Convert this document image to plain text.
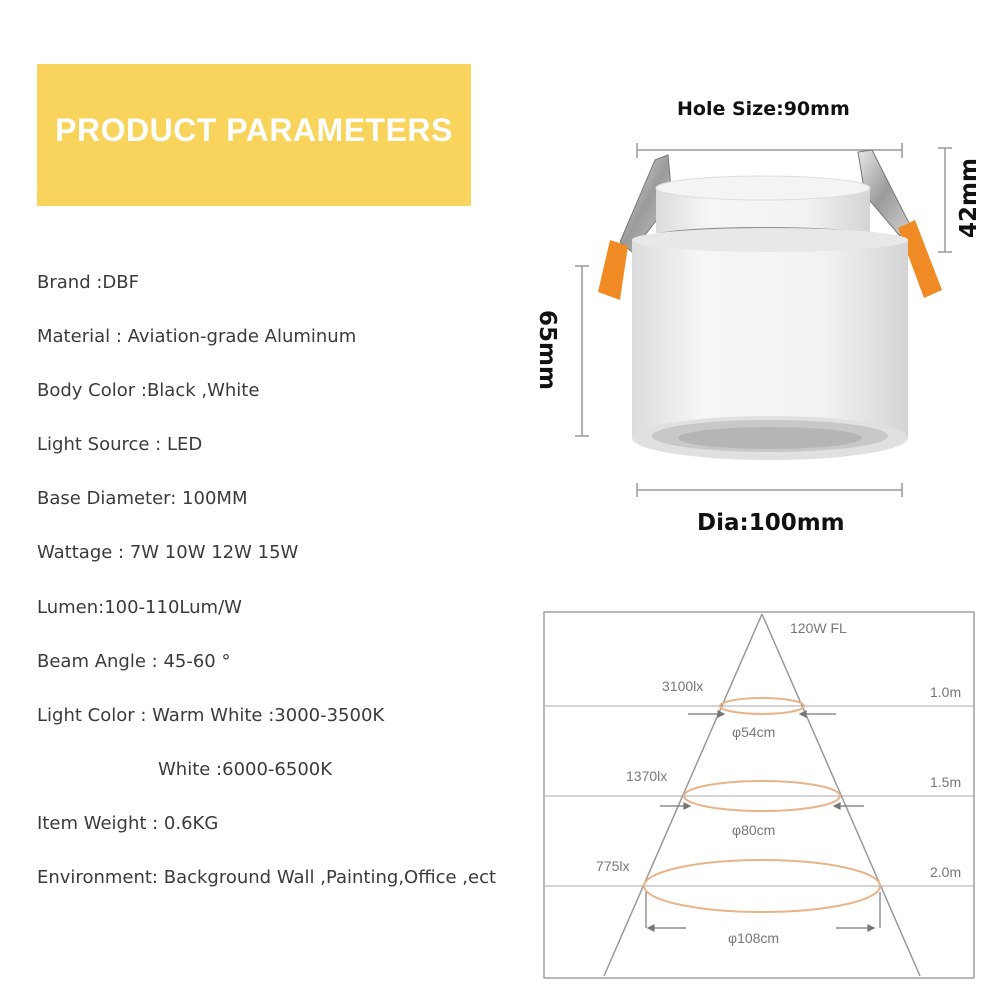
PRODUCT PARAMETERS
Brand :DBF
Material : Aviation-grade Aluminum
Body Color :Black ,White
Light Source : LED
Base Diameter: 100MM
Wattage : 7W 10W 12W 15W
Lumen:100-110Lum/W
Beam Angle : 45-60 °
Light Color : Warm White :3000-3500K
White :6000-6500K
Item Weight : 0.6KG
Environment: Background Wall ,Painting,Office ,ect
Hole Size:90mm
42mm
65mm
Dia:100mm
120W FL
3100lx	1.0m
φ54cm
1370lx	1.5m
φ80cm
775lx	2.0m
φ108cm
